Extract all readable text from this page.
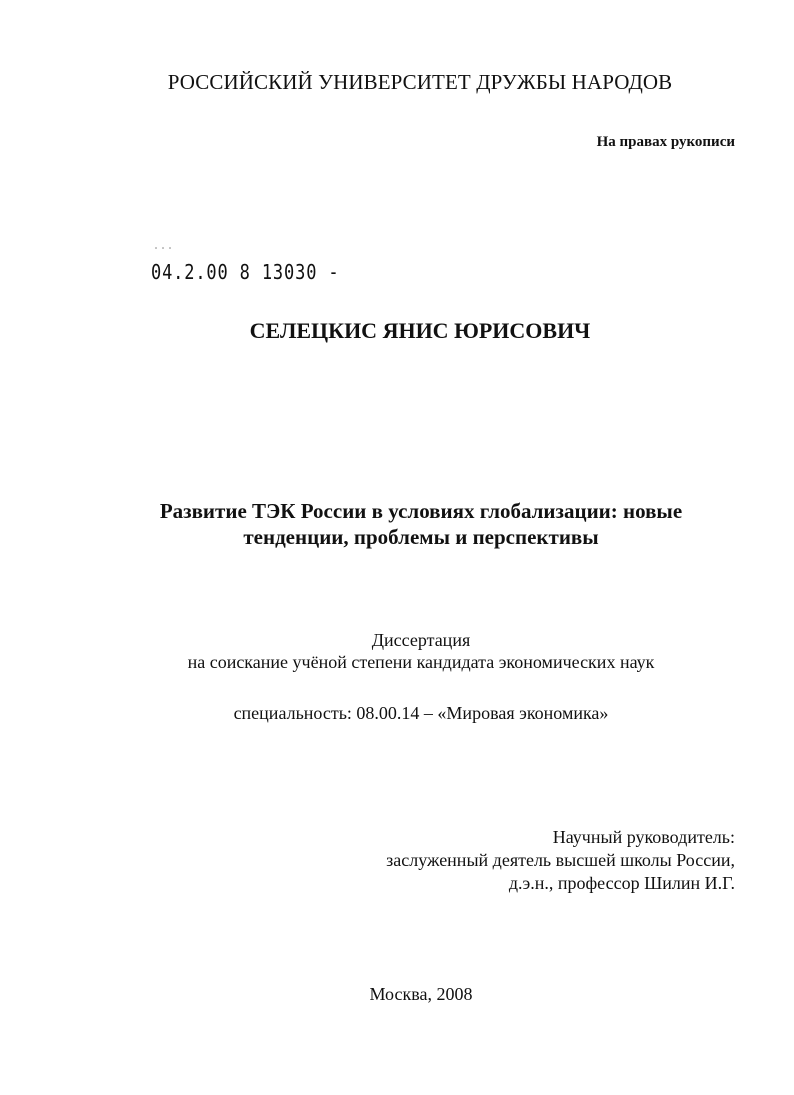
РОССИЙСКИЙ УНИВЕРСИТЕТ ДРУЖБЫ НАРОДОВ
На правах рукописи
˙˙˙
04.2.00 8 13030 -
СЕЛЕЦКИС ЯНИС ЮРИСОВИЧ
Развитие ТЭК России в условиях глобализации: новые
тенденции, проблемы и перспективы
Диссертация
на соискание учёной степени кандидата экономических наук
специальность: 08.00.14 – «Мировая экономика»
Научный руководитель:
заслуженный деятель высшей школы России,
д.э.н., профессор Шилин И.Г.
Москва, 2008
